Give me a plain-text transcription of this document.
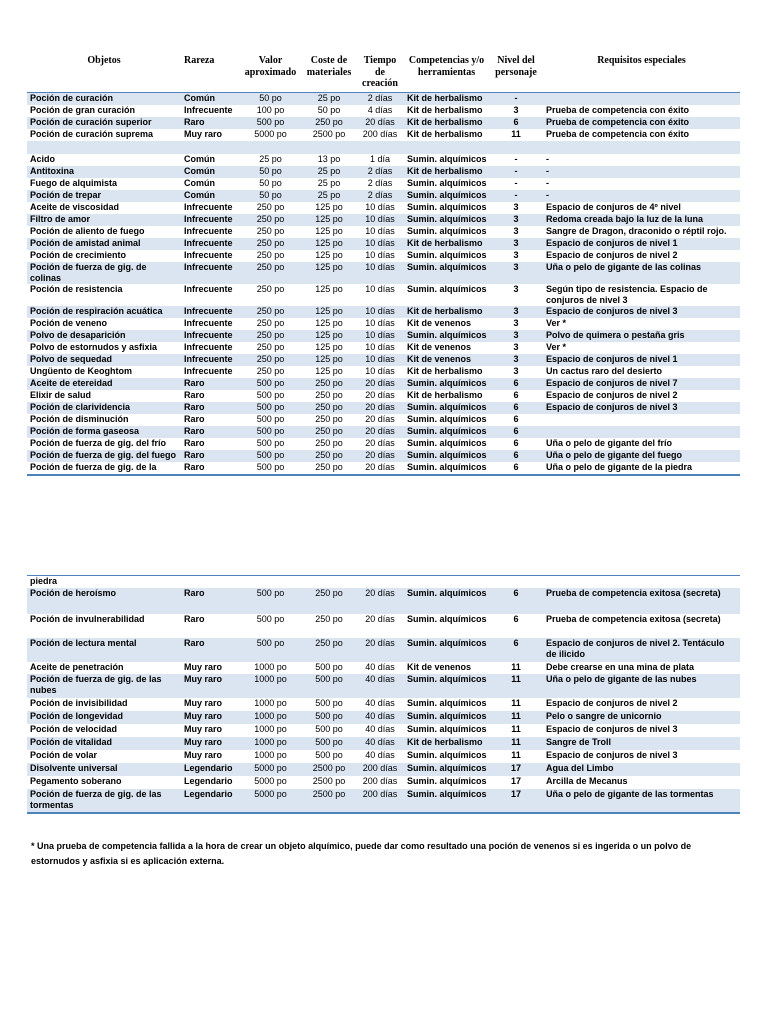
Objetos	Rareza	Valor aproximado	Coste de materiales	Tiempo de creación	Competencias y/o herramientas	Nivel del personaje	Requisitos especiales
Poción de curación	Común	50 po	25 po	2 días	Kit de herbalismo	-	
Poción de gran curación	Infrecuente	100 po	50 po	4 días	Kit de herbalismo	3	Prueba de competencia con éxito
Poción de curación superior	Raro	500 po	250 po	20 días	Kit de herbalismo	6	Prueba de competencia con éxito
Poción de curación suprema	Muy raro	5000 po	2500 po	200 días	Kit de herbalismo	11	Prueba de competencia con éxito

Acido	Común	25 po	13 po	1 día	Sumin. alquímicos	-	-
Antitoxina	Común	50 po	25 po	2 días	Kit de herbalismo	-	-
Fuego de alquimista	Común	50 po	25 po	2 días	Sumin. alquímicos	-	-
Poción de trepar	Común	50 po	25 po	2 días	Sumin. alquímicos	-	-
Aceite de viscosidad	Infrecuente	250 po	125 po	10 días	Sumin. alquímicos	3	Espacio de conjuros de 4º nivel
Filtro de amor	Infrecuente	250 po	125 po	10 días	Sumin. alquímicos	3	Redoma creada bajo la luz de la luna
Poción de aliento de fuego	Infrecuente	250 po	125 po	10 días	Sumin. alquímicos	3	Sangre de Dragon, draconido o réptil rojo.
Poción de amistad animal	Infrecuente	250 po	125 po	10 días	Kit de herbalismo	3	Espacio de conjuros de nivel 1
Poción de crecimiento	Infrecuente	250 po	125 po	10 días	Sumin. alquímicos	3	Espacio de conjuros de nivel 2
Poción de fuerza de gig. de colinas	Infrecuente	250 po	125 po	10 días	Sumin. alquímicos	3	Uña o pelo de gigante de las colinas
Poción de resistencia	Infrecuente	250 po	125 po	10 días	Sumin. alquímicos	3	Según tipo de resistencia. Espacio de conjuros de nivel 3
Poción de respiración acuática	Infrecuente	250 po	125 po	10 días	Kit de herbalismo	3	Espacio de conjuros de nivel 3
Poción de veneno	Infrecuente	250 po	125 po	10 días	Kit de venenos	3	Ver *
Polvo de desaparición	Infrecuente	250 po	125 po	10 días	Sumin. alquímicos	3	Polvo de quimera o pestaña gris
Polvo de estornudos y asfixia	Infrecuente	250 po	125 po	10 días	Kit de venenos	3	Ver *
Polvo de sequedad	Infrecuente	250 po	125 po	10 días	Kit de venenos	3	Espacio de conjuros de nivel 1
Ungüento de Keoghtom	Infrecuente	250 po	125 po	10 días	Kit de herbalismo	3	Un cactus raro del desierto
Aceite de etereidad	Raro	500 po	250 po	20 días	Sumin. alquímicos	6	Espacio de conjuros de nivel 7
Elixir de salud	Raro	500 po	250 po	20 días	Kit de herbalismo	6	Espacio de conjuros de nivel 2
Poción de clarividencia	Raro	500 po	250 po	20 días	Sumin. alquímicos	6	Espacio de conjuros de nivel 3
Poción de disminución	Raro	500 po	250 po	20 días	Sumin. alquímicos	6	
Poción de forma gaseosa	Raro	500 po	250 po	20 días	Sumin. alquímicos	6	
Poción de fuerza de gig. del frío	Raro	500 po	250 po	20 días	Sumin. alquímicos	6	Uña o pelo de gigante del frío
Poción de fuerza de gig. del fuego	Raro	500 po	250 po	20 días	Sumin. alquímicos	6	Uña o pelo de gigante del fuego
Poción de fuerza de gig. de la	Raro	500 po	250 po	20 días	Sumin. alquímicos	6	Uña o pelo de gigante de la piedra
piedra							
Poción de heroísmo	Raro	500 po	250 po	20 días	Sumin. alquímicos	6	Prueba de competencia exitosa (secreta)
Poción de invulnerabilidad	Raro	500 po	250 po	20 días	Sumin. alquímicos	6	Prueba de competencia exitosa (secreta)
Poción de lectura mental	Raro	500 po	250 po	20 días	Sumin. alquímicos	6	Espacio de conjuros de nivel 2. Tentáculo de ilicido
Aceite de penetración	Muy raro	1000 po	500 po	40 días	Kit de venenos	11	Debe crearse en una mina de plata
Poción de fuerza de gig. de las nubes	Muy raro	1000 po	500 po	40 días	Sumin. alquímicos	11	Uña o pelo de gigante de las nubes
Poción de invisibilidad	Muy raro	1000 po	500 po	40 días	Sumin. alquímicos	11	Espacio de conjuros de nivel 2
Poción de longevidad	Muy raro	1000 po	500 po	40 días	Sumin. alquímicos	11	Pelo o sangre de unicornio
Poción de velocidad	Muy raro	1000 po	500 po	40 días	Sumin. alquímicos	11	Espacio de conjuros de nivel 3
Poción de vitalidad	Muy raro	1000 po	500 po	40 días	Kit de herbalismo	11	Sangre de Troll
Poción de volar	Muy raro	1000 po	500 po	40 días	Sumin. alquímicos	11	Espacio de conjuros de nivel 3
Disolvente universal	Legendario	5000 po	2500 po	200 días	Sumin. alquímicos	17	Agua del Limbo
Pegamento soberano	Legendario	5000 po	2500 po	200 días	Sumin. alquímicos	17	Arcilla de Mecanus
Poción de fuerza de gig. de las tormentas	Legendario	5000 po	2500 po	200 días	Sumin. alquímicos	17	Uña o pelo de gigante de las tormentas
* Una prueba de competencia fallida a la hora de crear un objeto alquímico, puede dar como resultado una poción de venenos si es ingerida o un polvo de estornudos y asfixia si es aplicación externa.
